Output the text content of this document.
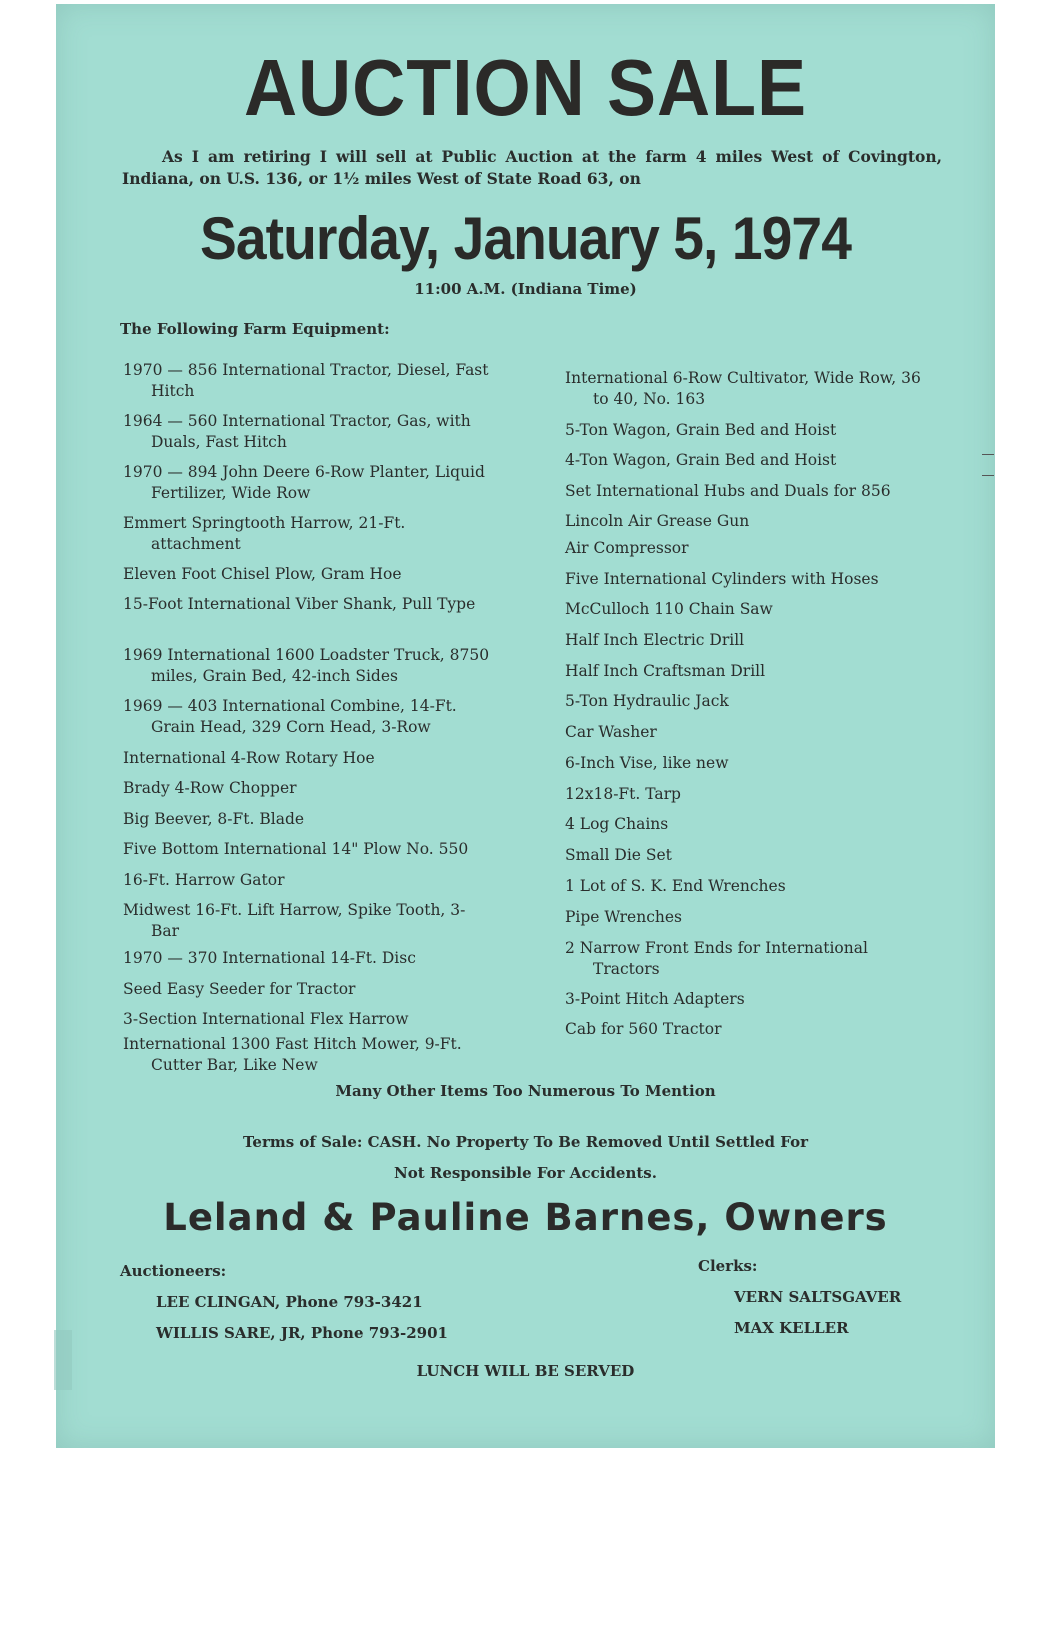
AUCTION SALE
As I am retiring I will sell at Public Auction at the farm 4 miles West of Covington, Indiana, on U.S. 136, or 1½ miles West of State Road 63, on
Saturday, January 5, 1974
11:00 A.M. (Indiana Time)
The Following Farm Equipment:
1970 — 856 International Tractor, Diesel, Fast Hitch
1964 — 560 International Tractor, Gas, with Duals, Fast Hitch
1970 — 894 John Deere 6-Row Planter, Liquid Fertilizer, Wide Row
Emmert Springtooth Harrow, 21-Ft. attachment
Eleven Foot Chisel Plow, Gram Hoe
15-Foot International Viber Shank, Pull Type
1969 International 1600 Loadster Truck, 8750 miles, Grain Bed, 42-inch Sides
1969 — 403 International Combine, 14-Ft. Grain Head, 329 Corn Head, 3-Row
International 4-Row Rotary Hoe
Brady 4-Row Chopper
Big Beever, 8-Ft. Blade
Five Bottom International 14" Plow No. 550
16-Ft. Harrow Gator
Midwest 16-Ft. Lift Harrow, Spike Tooth, 3-Bar
1970 — 370 International 14-Ft. Disc
Seed Easy Seeder for Tractor
3-Section International Flex Harrow
International 1300 Fast Hitch Mower, 9-Ft. Cutter Bar, Like New
International 6-Row Cultivator, Wide Row, 36 to 40, No. 163
5-Ton Wagon, Grain Bed and Hoist
4-Ton Wagon, Grain Bed and Hoist
Set International Hubs and Duals for 856
Lincoln Air Grease Gun
Air Compressor
Five International Cylinders with Hoses
McCulloch 110 Chain Saw
Half Inch Electric Drill
Half Inch Craftsman Drill
5-Ton Hydraulic Jack
Car Washer
6-Inch Vise, like new
12x18-Ft. Tarp
4 Log Chains
Small Die Set
1 Lot of S. K. End Wrenches
Pipe Wrenches
2 Narrow Front Ends for International Tractors
3-Point Hitch Adapters
Cab for 560 Tractor
Many Other Items Too Numerous To Mention
Terms of Sale: CASH. No Property To Be Removed Until Settled For
Not Responsible For Accidents.
Leland & Pauline Barnes, Owners
Auctioneers:
LEE CLINGAN, Phone 793-3421
WILLIS SARE, JR, Phone 793-2901
Clerks:
VERN SALTSGAVER
MAX KELLER
LUNCH WILL BE SERVED
